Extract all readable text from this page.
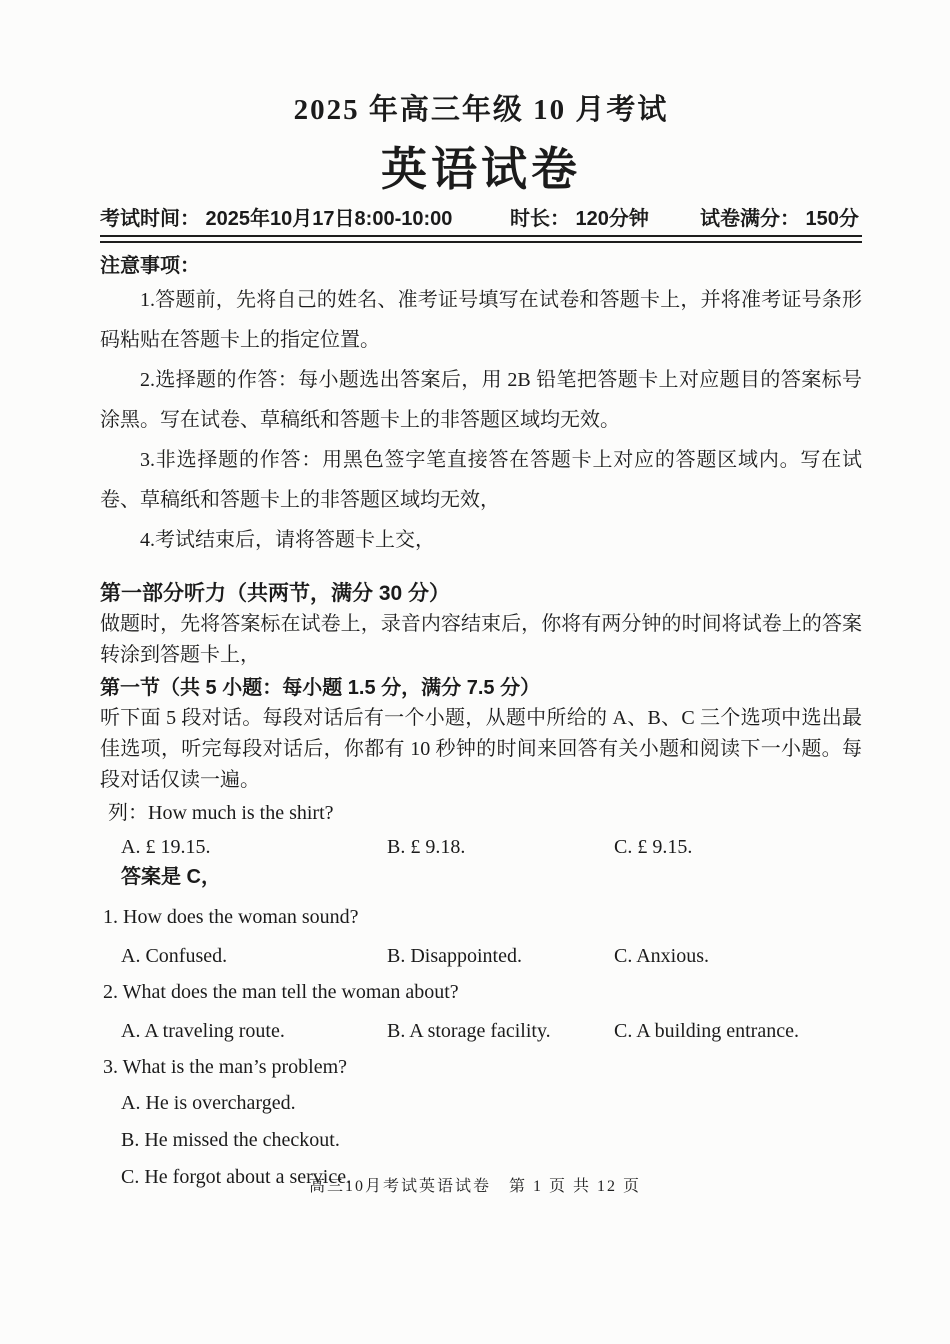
2025 年高三年级 10 月考试
英语试卷
考试时间： 2025年10月17日8:00-10:00	时长： 120分钟	试卷满分： 150分
注意事项：

1.答题前，先将自己的姓名、准考证号填写在试卷和答题卡上，并将准考证号条形码粘贴在答题卡上的指定位置。

2.选择题的作答：每小题选出答案后，用 2B 铅笔把答题卡上对应题目的答案标号涂黑。写在试卷、草稿纸和答题卡上的非答题区域均无效。

3.非选择题的作答：用黑色签字笔直接答在答题卡上对应的答题区域内。写在试卷、草稿纸和答题卡上的非答题区域均无效，

4.考试结束后，请将答题卡上交，

第一部分听力（共两节，满分 30 分）

做题时，先将答案标在试卷上，录音内容结束后，你将有两分钟的时间将试卷上的答案转涂到答题卡上，

第一节（共 5 小题：每小题 1.5 分，满分 7.5 分）

听下面 5 段对话。每段对话后有一个小题，从题中所给的 A、B、C 三个选项中选出最佳选项，听完每段对话后，你都有 10 秒钟的时间来回答有关小题和阅读下一小题。每段对话仅读一遍。

列：How much is the shirt?
A. £ 19.15.	B. £ 9.18.	C. £ 9.15.
答案是 C，
1. How does the woman sound?
A. Confused.	B. Disappointed.	C. Anxious.
2. What does the man tell the woman about?
A. A traveling route.	B. A storage facility.	C. A building entrance.
3. What is the man’s problem?
A. He is overcharged.
B. He missed the checkout.
C. He forgot about a service.
高三10月考试英语试卷　第 1 页 共 12 页
